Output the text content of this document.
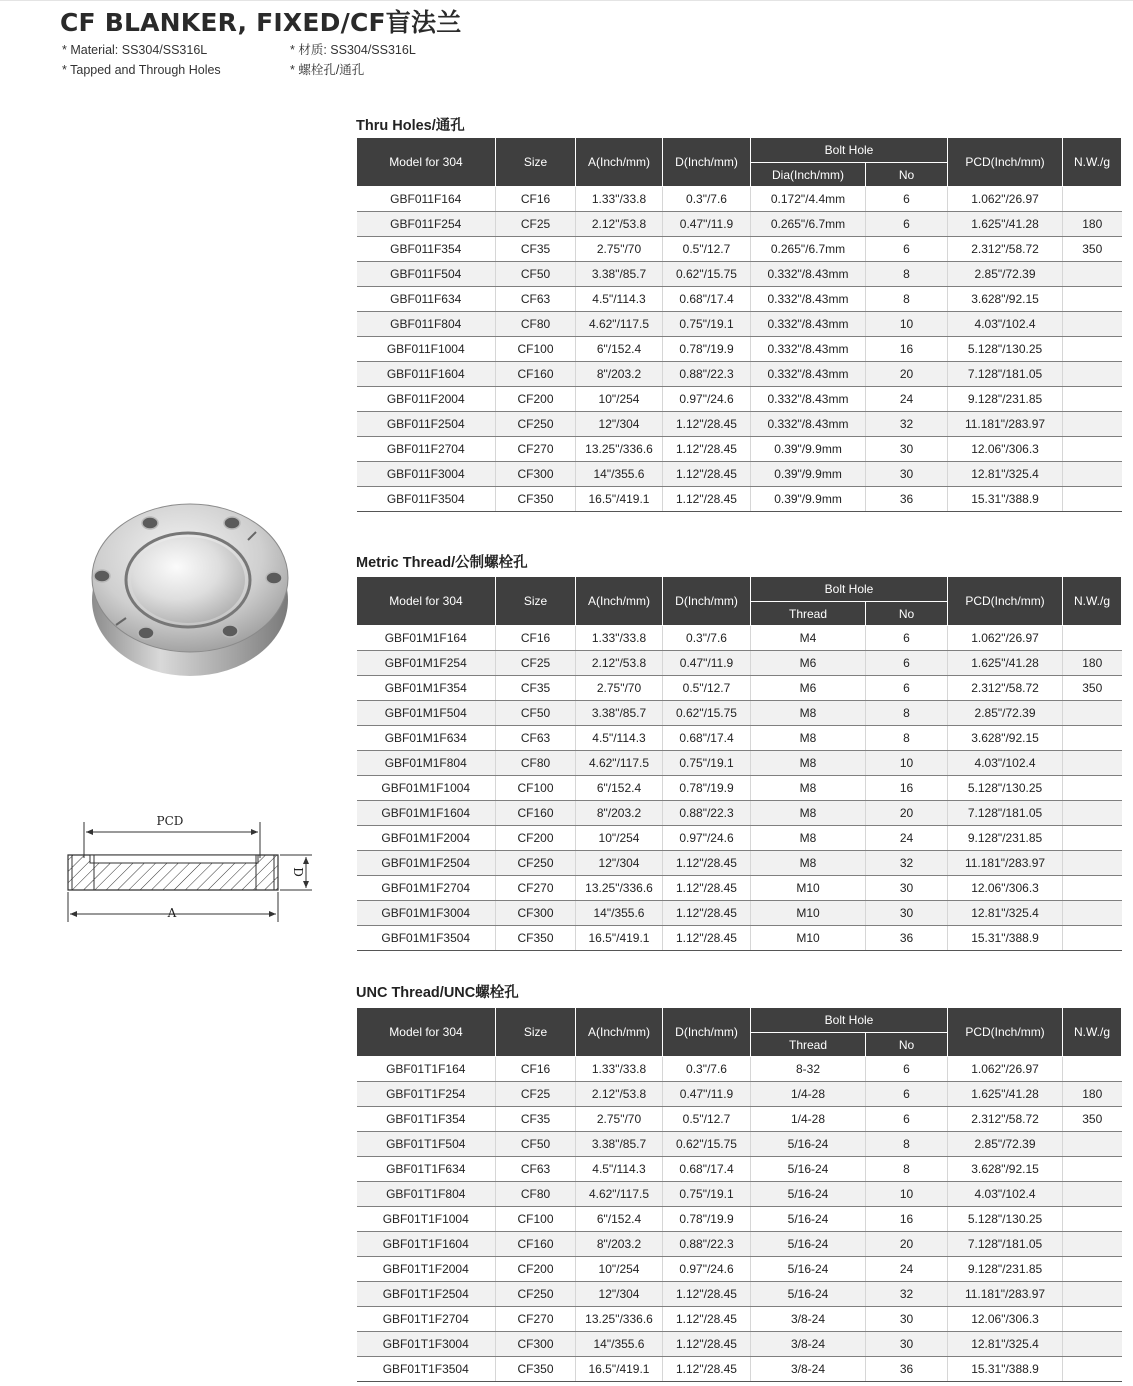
CF BLANKER, FIXED/CF盲法兰
* Material: SS304/SS316L
* Tapped and Through Holes
* 材质: SS304/SS316L
* 螺栓孔/通孔
PCD
D
A
Thru Holes/通孔
Metric Thread/公制螺栓孔
UNC Thread/UNC螺栓孔
Model for 304	Size	A(Inch/mm)	D(Inch/mm)	Bolt Hole		PCD(Inch/mm)	N.W./g
				Dia(Inch/mm)	No		
GBF011F164	CF16	1.33"/33.8	0.3"/7.6	0.172"/4.4mm	6	1.062"/26.97	
GBF011F254	CF25	2.12"/53.8	0.47"/11.9	0.265"/6.7mm	6	1.625"/41.28	180
GBF011F354	CF35	2.75"/70	0.5"/12.7	0.265"/6.7mm	6	2.312"/58.72	350
GBF011F504	CF50	3.38"/85.7	0.62"/15.75	0.332"/8.43mm	8	2.85"/72.39	
GBF011F634	CF63	4.5"/114.3	0.68"/17.4	0.332"/8.43mm	8	3.628"/92.15	
GBF011F804	CF80	4.62"/117.5	0.75"/19.1	0.332"/8.43mm	10	4.03"/102.4	
GBF011F1004	CF100	6"/152.4	0.78"/19.9	0.332"/8.43mm	16	5.128"/130.25	
GBF011F1604	CF160	8"/203.2	0.88"/22.3	0.332"/8.43mm	20	7.128"/181.05	
GBF011F2004	CF200	10"/254	0.97"/24.6	0.332"/8.43mm	24	9.128"/231.85	
GBF011F2504	CF250	12"/304	1.12"/28.45	0.332"/8.43mm	32	11.181"/283.97	
GBF011F2704	CF270	13.25"/336.6	1.12"/28.45	0.39"/9.9mm	30	12.06"/306.3	
GBF011F3004	CF300	14"/355.6	1.12"/28.45	0.39"/9.9mm	30	12.81"/325.4	
GBF011F3504	CF350	16.5"/419.1	1.12"/28.45	0.39"/9.9mm	36	15.31"/388.9	
Model for 304	Size	A(Inch/mm)	D(Inch/mm)	Bolt Hole		PCD(Inch/mm)	N.W./g
				Thread	No		
GBF01M1F164	CF16	1.33"/33.8	0.3"/7.6	M4	6	1.062"/26.97	
GBF01M1F254	CF25	2.12"/53.8	0.47"/11.9	M6	6	1.625"/41.28	180
GBF01M1F354	CF35	2.75"/70	0.5"/12.7	M6	6	2.312"/58.72	350
GBF01M1F504	CF50	3.38"/85.7	0.62"/15.75	M8	8	2.85"/72.39	
GBF01M1F634	CF63	4.5"/114.3	0.68"/17.4	M8	8	3.628"/92.15	
GBF01M1F804	CF80	4.62"/117.5	0.75"/19.1	M8	10	4.03"/102.4	
GBF01M1F1004	CF100	6"/152.4	0.78"/19.9	M8	16	5.128"/130.25	
GBF01M1F1604	CF160	8"/203.2	0.88"/22.3	M8	20	7.128"/181.05	
GBF01M1F2004	CF200	10"/254	0.97"/24.6	M8	24	9.128"/231.85	
GBF01M1F2504	CF250	12"/304	1.12"/28.45	M8	32	11.181"/283.97	
GBF01M1F2704	CF270	13.25"/336.6	1.12"/28.45	M10	30	12.06"/306.3	
GBF01M1F3004	CF300	14"/355.6	1.12"/28.45	M10	30	12.81"/325.4	
GBF01M1F3504	CF350	16.5"/419.1	1.12"/28.45	M10	36	15.31"/388.9	
Model for 304	Size	A(Inch/mm)	D(Inch/mm)	Bolt Hole		PCD(Inch/mm)	N.W./g
				Thread	No		
GBF01T1F164	CF16	1.33"/33.8	0.3"/7.6	8-32	6	1.062"/26.97	
GBF01T1F254	CF25	2.12"/53.8	0.47"/11.9	1/4-28	6	1.625"/41.28	180
GBF01T1F354	CF35	2.75"/70	0.5"/12.7	1/4-28	6	2.312"/58.72	350
GBF01T1F504	CF50	3.38"/85.7	0.62"/15.75	5/16-24	8	2.85"/72.39	
GBF01T1F634	CF63	4.5"/114.3	0.68"/17.4	5/16-24	8	3.628"/92.15	
GBF01T1F804	CF80	4.62"/117.5	0.75"/19.1	5/16-24	10	4.03"/102.4	
GBF01T1F1004	CF100	6"/152.4	0.78"/19.9	5/16-24	16	5.128"/130.25	
GBF01T1F1604	CF160	8"/203.2	0.88"/22.3	5/16-24	20	7.128"/181.05	
GBF01T1F2004	CF200	10"/254	0.97"/24.6	5/16-24	24	9.128"/231.85	
GBF01T1F2504	CF250	12"/304	1.12"/28.45	5/16-24	32	11.181"/283.97	
GBF01T1F2704	CF270	13.25"/336.6	1.12"/28.45	3/8-24	30	12.06"/306.3	
GBF01T1F3004	CF300	14"/355.6	1.12"/28.45	3/8-24	30	12.81"/325.4	
GBF01T1F3504	CF350	16.5"/419.1	1.12"/28.45	3/8-24	36	15.31"/388.9	
